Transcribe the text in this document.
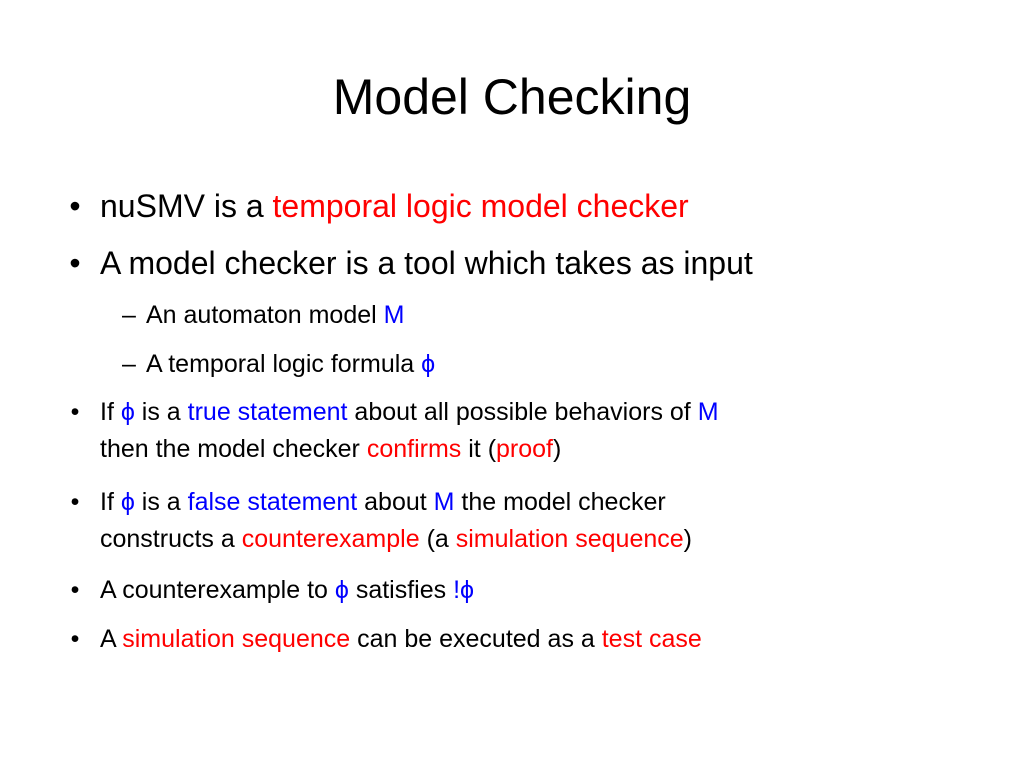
Model Checking
• nuSMV is a temporal logic model checker
• A model checker is a tool which takes as input
– An automaton model M
– A temporal logic formula ϕ
• If ϕ is a true statement about all possible behaviors of M
then the model checker confirms it (proof)
• If ϕ is a false statement about M the model checker
constructs a counterexample (a simulation sequence)
• A counterexample to ϕ satisfies !ϕ
• A simulation sequence can be executed as a test case
